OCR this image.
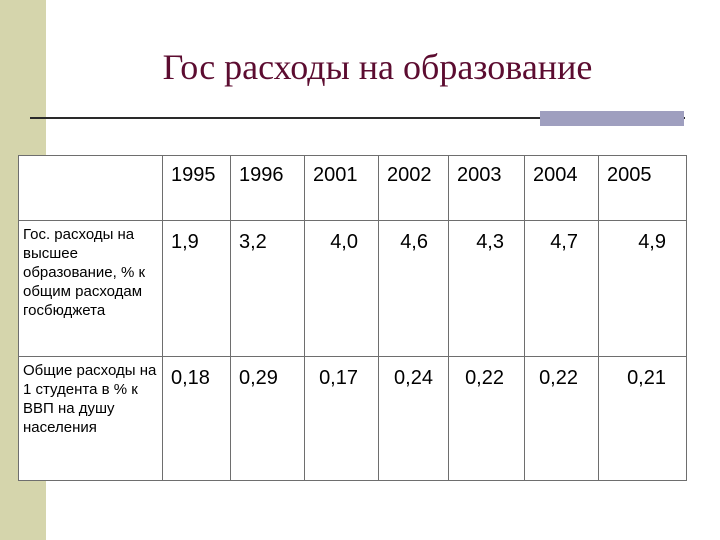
Гос расходы на образование
	1995	1996	2001	2002	2003	2004	2005
Гос. расходы на высшее образование, % к общим расходам госбюджета	1,9	3,2	4,0	4,6	4,3	4,7	4,9
Общие расходы на 1 студента в % к ВВП на душу населения	0,18	0,29	0,17	0,24	0,22	0,22	0,21
